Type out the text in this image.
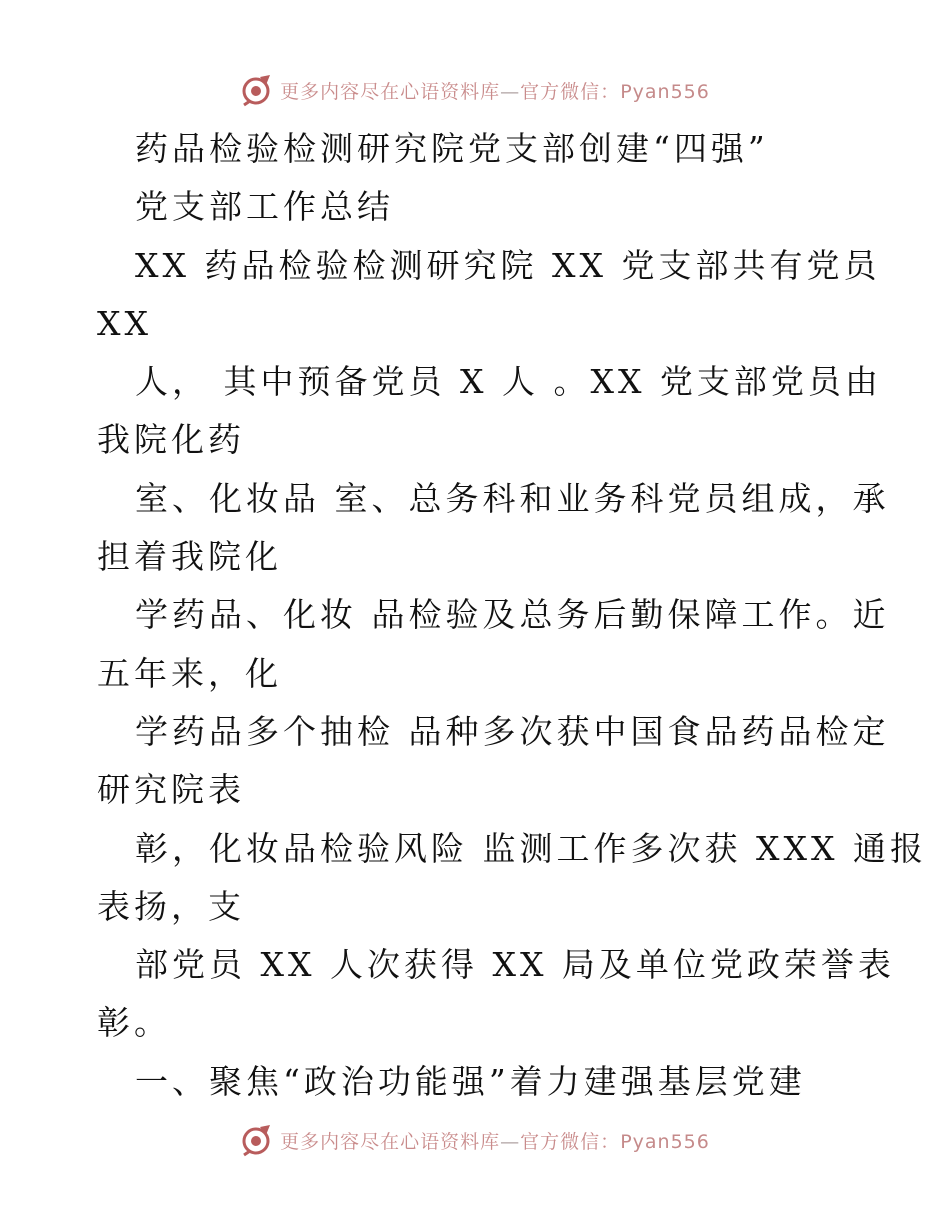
更多内容尽在心语资料库—官方微信：Pyan556
药品检验检测研究院党支部创建“四强”
党支部工作总结
XX 药品检验检测研究院 XX 党支部共有党员
XX
人， 其中预备党员 X 人 。XX 党支部党员由
我院化药
室、化妆品 室、总务科和业务科党员组成，承
担着我院化
学药品、化妆 品检验及总务后勤保障工作。近
五年来，化
学药品多个抽检 品种多次获中国食品药品检定
研究院表
彰，化妆品检验风险 监测工作多次获 XXX 通报
表扬，支
部党员 XX 人次获得 XX 局及单位党政荣誉表
彰。
一、聚焦“政治功能强”着力建强基层党建
更多内容尽在心语资料库—官方微信：Pyan556
